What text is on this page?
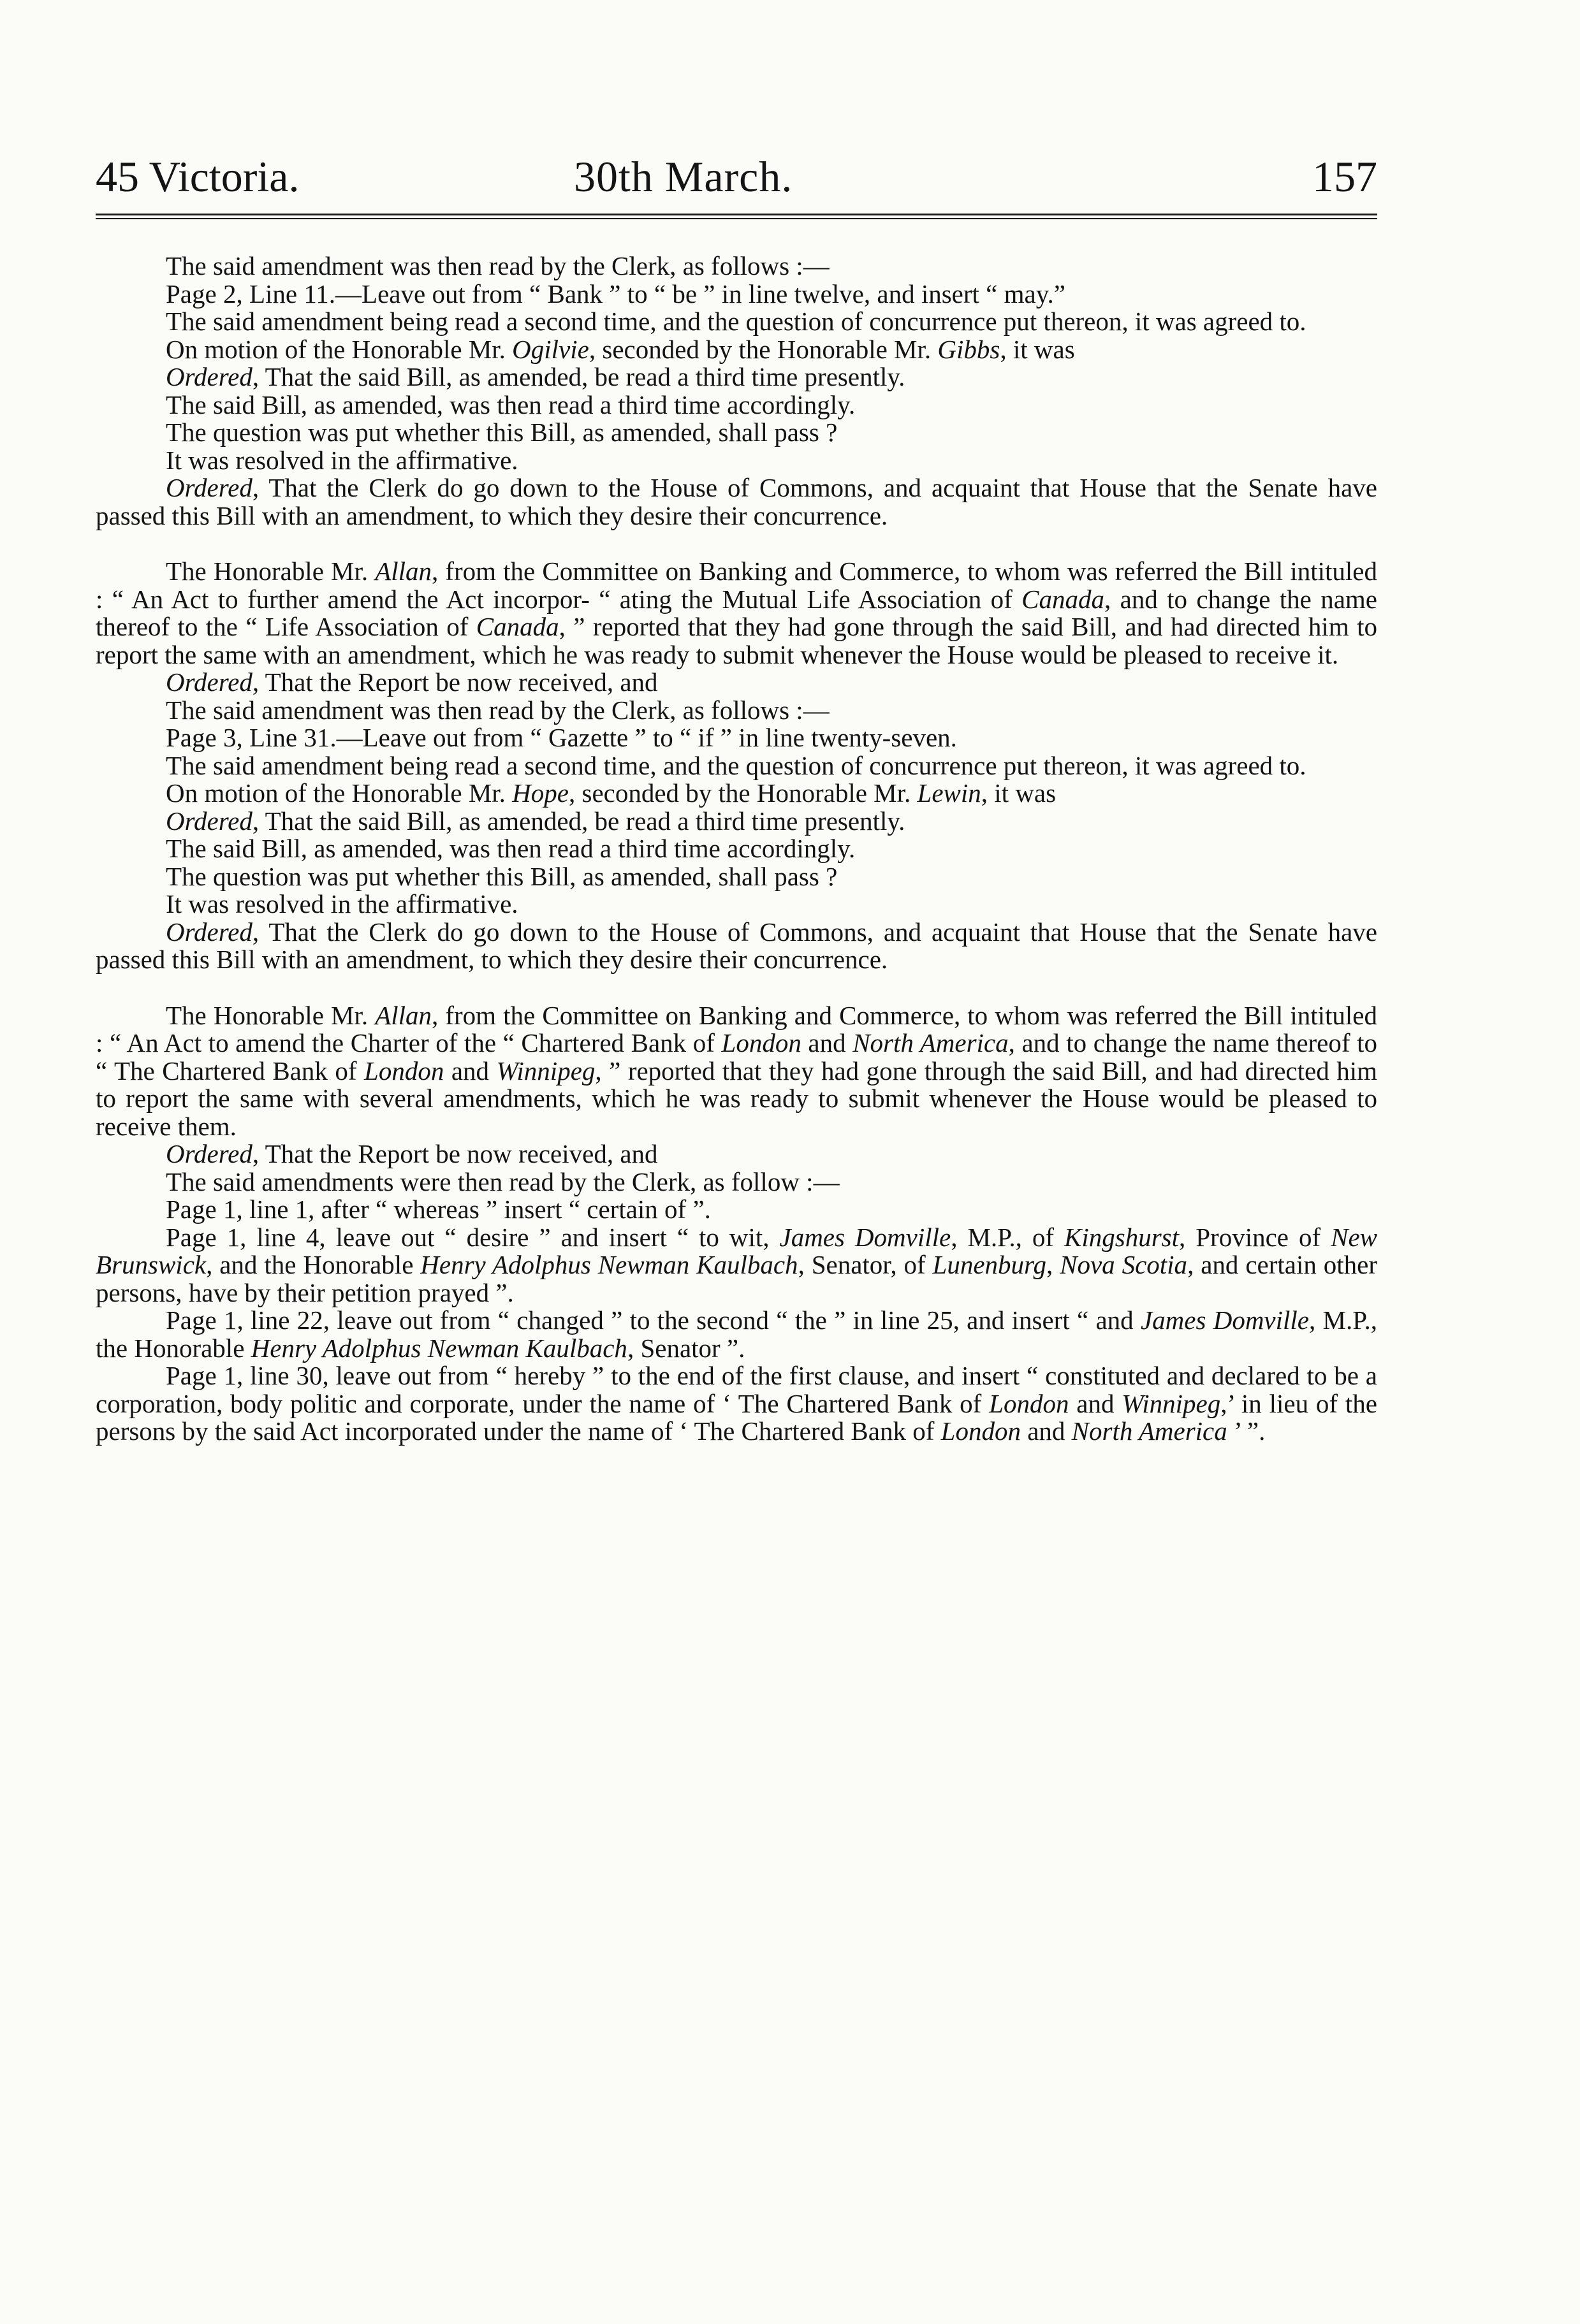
45 Victoria.	30th March.	157

The said amendment was then read by the Clerk, as follows :—

Page 2, Line 11.—Leave out from “ Bank ” to “ be ” in line twelve, and insert “ may.”

The said amendment being read a second time, and the question of concurrence put thereon, it was agreed to.

On motion of the Honorable Mr. Ogilvie, seconded by the Honorable Mr. Gibbs, it was

Ordered, That the said Bill, as amended, be read a third time presently.

The said Bill, as amended, was then read a third time accordingly.

The question was put whether this Bill, as amended, shall pass ?

It was resolved in the affirmative.

Ordered, That the Clerk do go down to the House of Commons, and acquaint that House that the Senate have passed this Bill with an amendment, to which they desire their concurrence.

The Honorable Mr. Allan, from the Committee on Banking and Commerce, to whom was referred the Bill intituled : “ An Act to further amend the Act incorpor- “ ating the Mutual Life Association of Canada, and to change the name thereof to the “ Life Association of Canada, ” reported that they had gone through the said Bill, and had directed him to report the same with an amendment, which he was ready to submit whenever the House would be pleased to receive it.

Ordered, That the Report be now received, and

The said amendment was then read by the Clerk, as follows :—

Page 3, Line 31.—Leave out from “ Gazette ” to “ if ” in line twenty-seven.

The said amendment being read a second time, and the question of concurrence put thereon, it was agreed to.

On motion of the Honorable Mr. Hope, seconded by the Honorable Mr. Lewin, it was

Ordered, That the said Bill, as amended, be read a third time presently.

The said Bill, as amended, was then read a third time accordingly.

The question was put whether this Bill, as amended, shall pass ?

It was resolved in the affirmative.

Ordered, That the Clerk do go down to the House of Commons, and acquaint that House that the Senate have passed this Bill with an amendment, to which they desire their concurrence.

The Honorable Mr. Allan, from the Committee on Banking and Commerce, to whom was referred the Bill intituled : “ An Act to amend the Charter of the “ Chartered Bank of London and North America, and to change the name thereof to “ The Chartered Bank of London and Winnipeg, ” reported that they had gone through the said Bill, and had directed him to report the same with several amendments, which he was ready to submit whenever the House would be pleased to receive them.

Ordered, That the Report be now received, and

The said amendments were then read by the Clerk, as follow :—

Page 1, line 1, after “ whereas ” insert “ certain of ”.

Page 1, line 4, leave out “ desire ” and insert “ to wit, James Domville, M.P., of Kingshurst, Province of New Brunswick, and the Honorable Henry Adolphus Newman Kaulbach, Senator, of Lunenburg, Nova Scotia, and certain other persons, have by their petition prayed ”.

Page 1, line 22, leave out from “ changed ” to the second “ the ” in line 25, and insert “ and James Domville, M.P., the Honorable Henry Adolphus Newman Kaulbach, Senator ”.

Page 1, line 30, leave out from “ hereby ” to the end of the first clause, and insert “ constituted and declared to be a corporation, body politic and corporate, under the name of ‘ The Chartered Bank of London and Winnipeg,’ in lieu of the persons by the said Act incorporated under the name of ‘ The Chartered Bank of London and North America ’ ”.
